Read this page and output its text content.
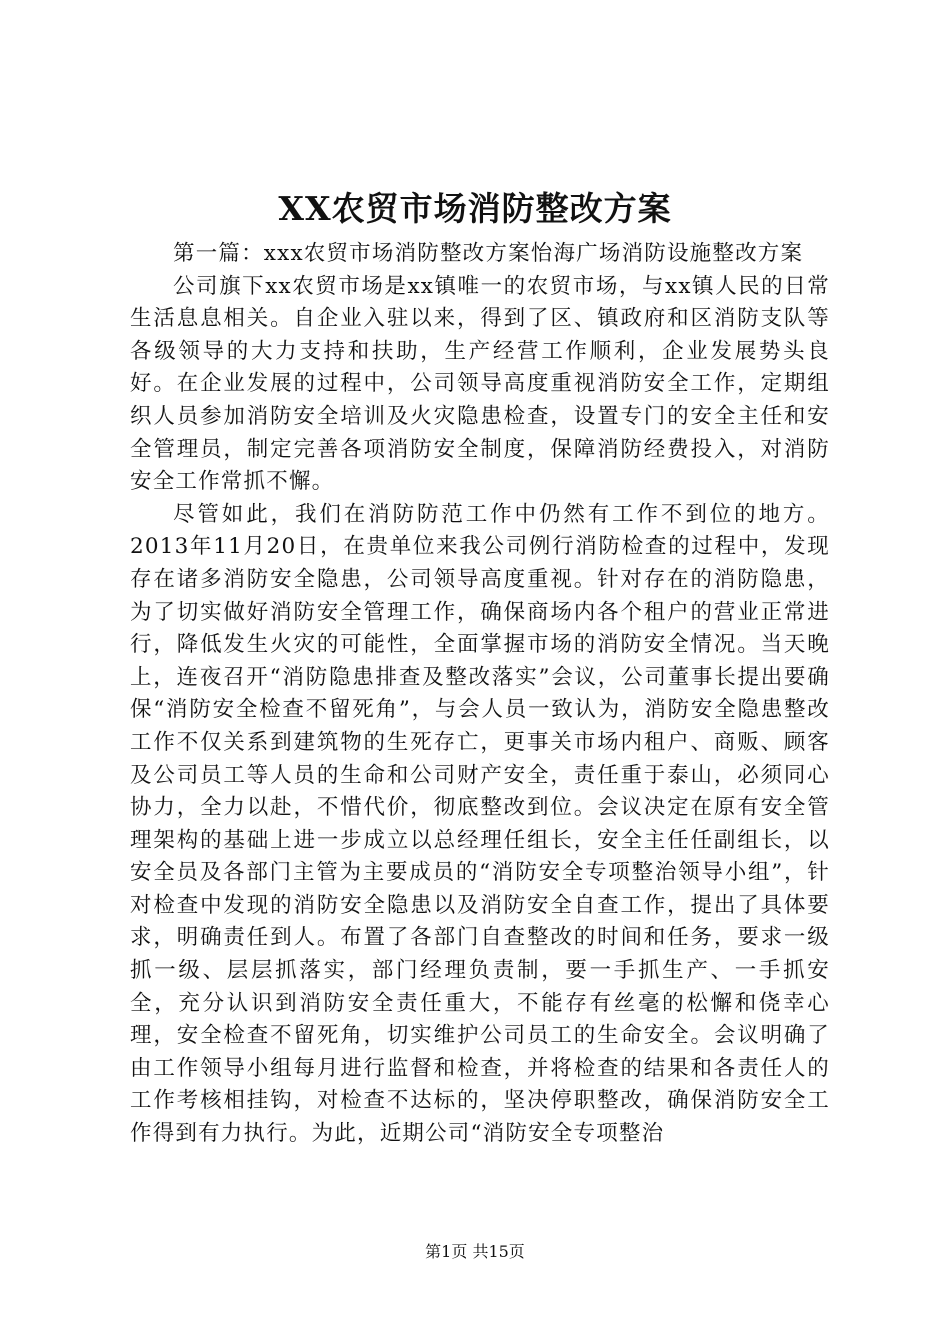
XX农贸市场消防整改方案

第一篇：xxx农贸市场消防整改方案怡海广场消防设施整改方案

公司旗下xx农贸市场是xx镇唯一的农贸市场，与xx镇人民的日常生活息息相关。自企业入驻以来，得到了区、镇政府和区消防支队等各级领导的大力支持和扶助，生产经营工作顺利，企业发展势头良好。在企业发展的过程中，公司领导高度重视消防安全工作，定期组织人员参加消防安全培训及火灾隐患检查，设置专门的安全主任和安全管理员，制定完善各项消防安全制度，保障消防经费投入，对消防安全工作常抓不懈。

尽管如此，我们在消防防范工作中仍然有工作不到位的地方。2013年11月20日，在贵单位来我公司例行消防检查的过程中，发现存在诸多消防安全隐患，公司领导高度重视。针对存在的消防隐患，为了切实做好消防安全管理工作，确保商场内各个租户的营业正常进行，降低发生火灾的可能性，全面掌握市场的消防安全情况。当天晚上，连夜召开“消防隐患排查及整改落实”会议，公司董事长提出要确保“消防安全检查不留死角”，与会人员一致认为，消防安全隐患整改工作不仅关系到建筑物的生死存亡，更事关市场内租户、商贩、顾客及公司员工等人员的生命和公司财产安全，责任重于泰山，必须同心协力，全力以赴，不惜代价，彻底整改到位。会议决定在原有安全管理架构的基础上进一步成立以总经理任组长，安全主任任副组长，以安全员及各部门主管为主要成员的“消防安全专项整治领导小组”，针对检查中发现的消防安全隐患以及消防安全自查工作，提出了具体要求，明确责任到人。布置了各部门自查整改的时间和任务，要求一级抓一级、层层抓落实，部门经理负责制，要一手抓生产、一手抓安全，充分认识到消防安全责任重大，不能存有丝毫的松懈和侥幸心理，安全检查不留死角，切实维护公司员工的生命安全。会议明确了由工作领导小组每月进行监督和检查，并将检查的结果和各责任人的工作考核相挂钩，对检查不达标的，坚决停职整改，确保消防安全工作得到有力执行。为此，近期公司“消防安全专项整治

第1页 共15页
